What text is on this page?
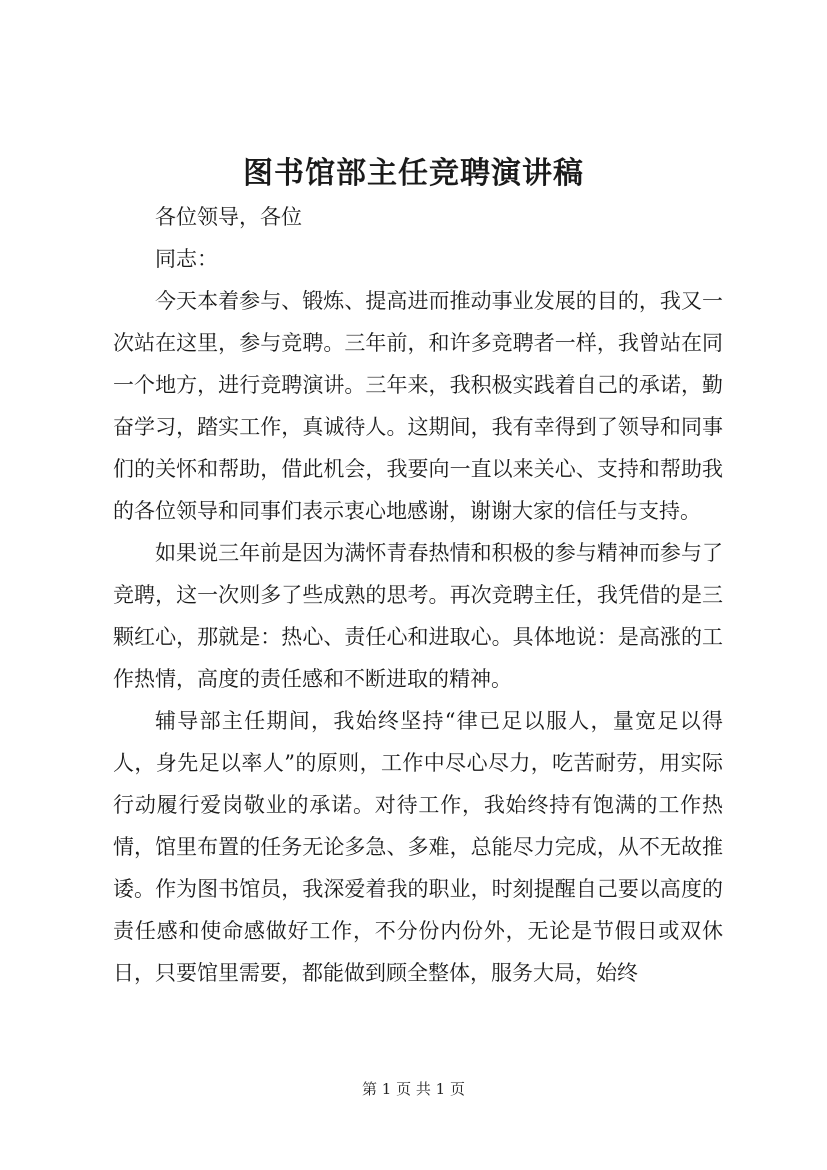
图书馆部主任竞聘演讲稿

各位领导，各位

同志：

今天本着参与、锻炼、提高进而推动事业发展的目的，我又一次站在这里，参与竞聘。三年前，和许多竞聘者一样，我曾站在同一个地方，进行竞聘演讲。三年来，我积极实践着自己的承诺，勤奋学习，踏实工作，真诚待人。这期间，我有幸得到了领导和同事们的关怀和帮助，借此机会，我要向一直以来关心、支持和帮助我的各位领导和同事们表示衷心地感谢，谢谢大家的信任与支持。

如果说三年前是因为满怀青春热情和积极的参与精神而参与了竞聘，这一次则多了些成熟的思考。再次竞聘主任，我凭借的是三颗红心，那就是：热心、责任心和进取心。具体地说：是高涨的工作热情，高度的责任感和不断进取的精神。

辅导部主任期间，我始终坚持“律已足以服人，量宽足以得人，身先足以率人”的原则，工作中尽心尽力，吃苦耐劳，用实际行动履行爱岗敬业的承诺。对待工作，我始终持有饱满的工作热情，馆里布置的任务无论多急、多难，总能尽力完成，从不无故推诿。作为图书馆员，我深爱着我的职业，时刻提醒自己要以高度的责任感和使命感做好工作，不分份内份外，无论是节假日或双休日，只要馆里需要，都能做到顾全整体，服务大局，始终

第 1 页 共 1 页
